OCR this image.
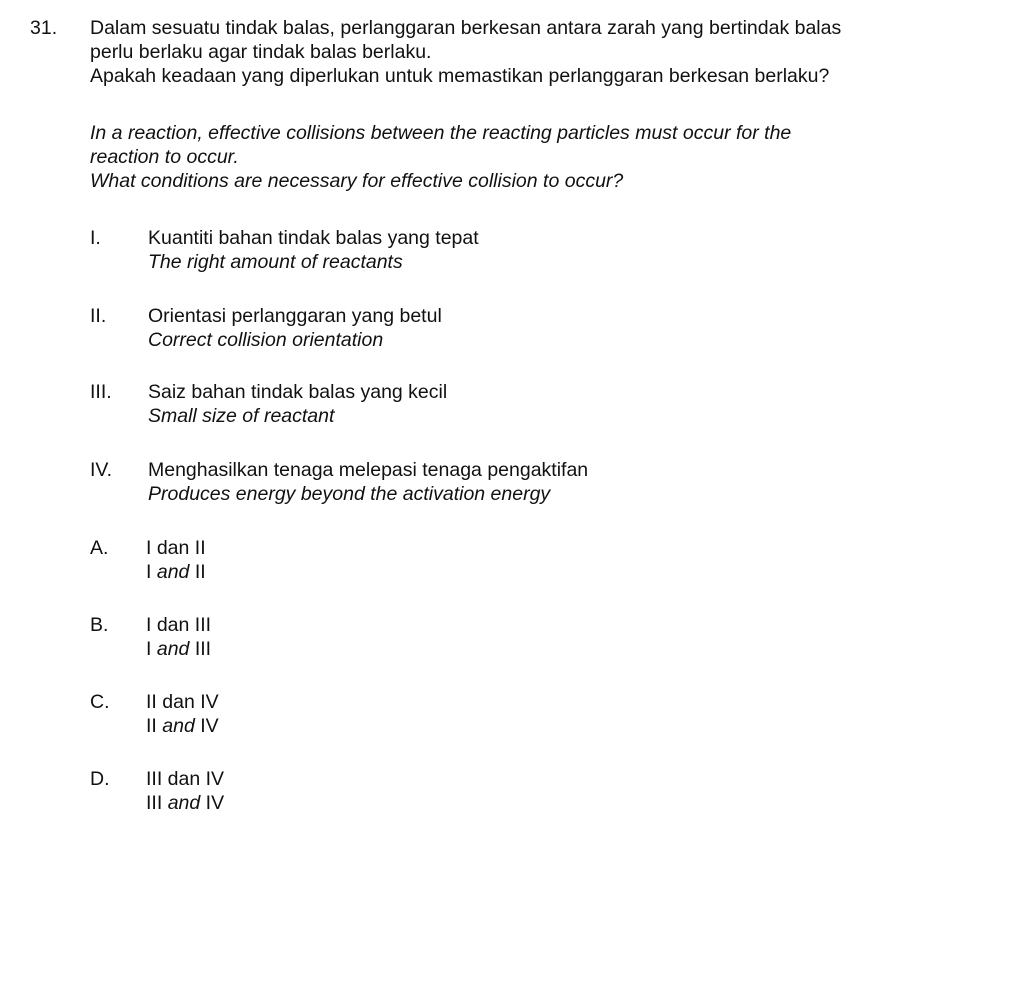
31. Dalam sesuatu tindak balas, perlanggaran berkesan antara zarah yang bertindak balas
perlu berlaku agar tindak balas berlaku.
Apakah keadaan yang diperlukan untuk memastikan perlanggaran berkesan berlaku?
In a reaction, effective collisions between the reacting particles must occur for the
reaction to occur.
What conditions are necessary for effective collision to occur?
I. Kuantiti bahan tindak balas yang tepat
The right amount of reactants
II. Orientasi perlanggaran yang betul
Correct collision orientation
III. Saiz bahan tindak balas yang kecil
Small size of reactant
IV. Menghasilkan tenaga melepasi tenaga pengaktifan
Produces energy beyond the activation energy
A. I dan II
I and II
B. I dan III
I and III
C. II dan IV
II and IV
D. III dan IV
III and IV
